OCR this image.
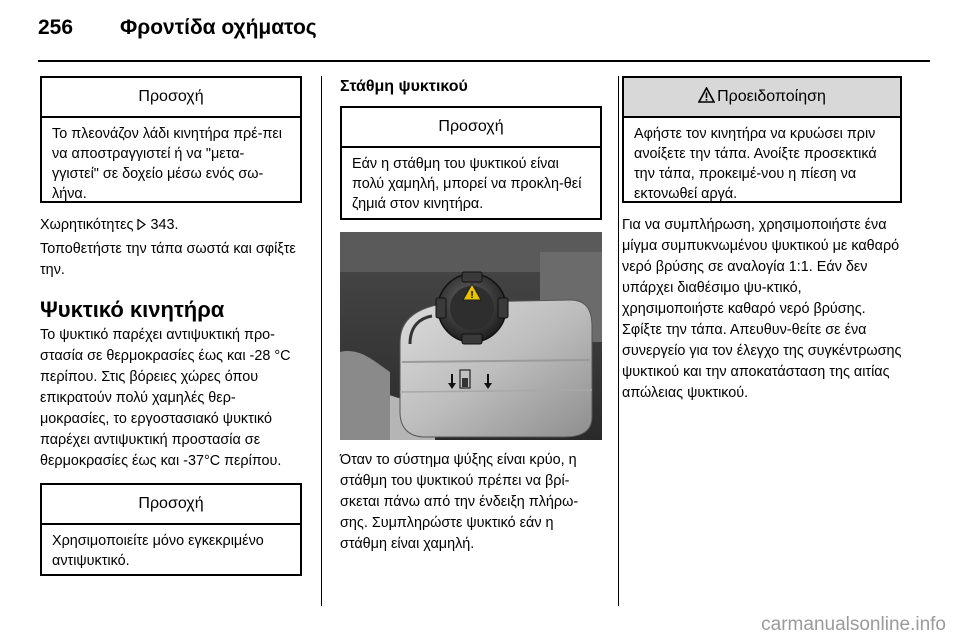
256 Φροντίδα οχήματος
Προσοχή
Το πλεονάζον λάδι κινητήρα πρέ-πει να αποστραγγιστεί ή να "μετα-γγιστεί" σε δοχείο μέσω ενός σω-λήνα.
Χωρητικότητες 343.
Τοποθετήστε την τάπα σωστά και σφίξτε την.
Ψυκτικό κινητήρα
Το ψυκτικό παρέχει αντιψυκτική προ-στασία σε θερμοκρασίες έως και -28 °C περίπου. Στις βόρειες χώρες όπου επικρατούν πολύ χαμηλές θερ-μοκρασίες, το εργοστασιακό ψυκτικό παρέχει αντιψυκτική προστασία σε θερμοκρασίες έως και -37°C περίπου.
Προσοχή
Χρησιμοποιείτε μόνο εγκεκριμένο αντιψυκτικό.
Στάθμη ψυκτικού
Προσοχή
Εάν η στάθμη του ψυκτικού είναι πολύ χαμηλή, μπορεί να προκλη-θεί ζημιά στον κινητήρα.
!
Όταν το σύστημα ψύξης είναι κρύο, η στάθμη του ψυκτικού πρέπει να βρί-σκεται πάνω από την ένδειξη πλήρω-σης. Συμπληρώστε ψυκτικό εάν η στάθμη είναι χαμηλή.
Προειδοποίηση
Αφήστε τον κινητήρα να κρυώσει πριν ανοίξετε την τάπα. Ανοίξτε προσεκτικά την τάπα, προκειμέ-νου η πίεση να εκτονωθεί αργά.
Για να συμπλήρωση, χρησιμοποιήστε ένα μίγμα συμπυκνωμένου ψυκτικού με καθαρό νερό βρύσης σε αναλογία 1:1. Εάν δεν υπάρχει διαθέσιμο ψυ-κτικό, χρησιμοποιήστε καθαρό νερό βρύσης. Σφίξτε την τάπα. Απευθυν-θείτε σε ένα συνεργείο για τον έλεγχο της συγκέντρωσης ψυκτικού και την αποκατάσταση της αιτίας απώλειας ψυκτικού.
carmanualsonline.info
